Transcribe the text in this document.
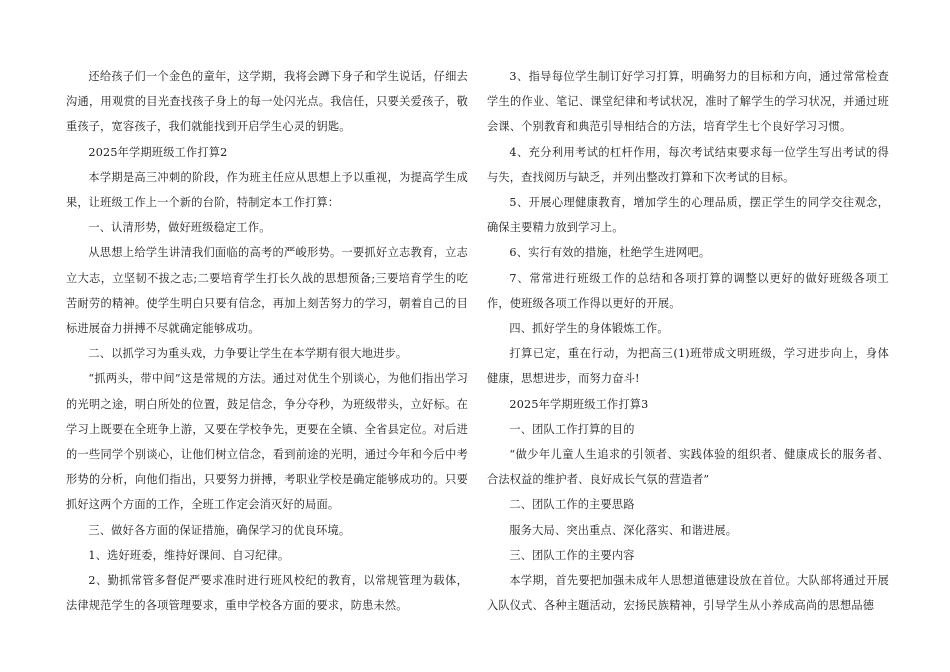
还给孩子们一个金色的童年，这学期，我将会蹲下身子和学生说话，仔细去沟通，用观赏的目光查找孩子身上的每一处闪光点。我信任，只要关爱孩子，敬重孩子，宽容孩子，我们就能找到开启学生心灵的钥匙。

2025年学期班级工作打算2

本学期是高三冲刺的阶段，作为班主任应从思想上予以重视，为提高学生成果，让班级工作上一个新的台阶，特制定本工作打算：

一、认清形势，做好班级稳定工作。

从思想上给学生讲清我们面临的高考的严峻形势。一要抓好立志教育，立志立大志，立坚韧不拔之志;二要培育学生打长久战的思想预备;三要培育学生的吃苦耐劳的精神。使学生明白只要有信念，再加上刻苦努力的学习，朝着自己的目标进展奋力拼搏不尽就确定能够成功。

二、以抓学习为重头戏，力争要让学生在本学期有很大地进步。

“抓两头，带中间”这是常规的方法。通过对优生个别谈心，为他们指出学习的光明之途，明白所处的位置，鼓足信念，争分夺秒，为班级带头，立好标。在学习上既要在全班争上游，又要在学校争先，更要在全镇、全省县定位。对后进的一些同学个别谈心，让他们树立信念，看到前途的光明，通过今年和今后中考形势的分析，向他们指出，只要努力拼搏，考职业学校是确定能够成功的。只要抓好这两个方面的工作，全班工作定会消灭好的局面。

三、做好各方面的保证措施，确保学习的优良环境。

1、选好班委，维持好课间、自习纪律。

2、勤抓常管多督促严要求准时进行班风校纪的教育，以常规管理为载体，法律规范学生的各项管理要求，重申学校各方面的要求，防患未然。

3、指导每位学生制订好学习打算，明确努力的目标和方向，通过常常检查学生的作业、笔记、课堂纪律和考试状况，准时了解学生的学习状况，并通过班会课、个别教育和典范引导相结合的方法，培育学生七个良好学习习惯。

4、充分利用考试的杠杆作用，每次考试结束要求每一位学生写出考试的得与失，查找阅历与缺乏，并列出整改打算和下次考试的目标。

5、开展心理健康教育，增加学生的心理品质，摆正学生的同学交往观念，确保主要精力放到学习上。

6、实行有效的措施，杜绝学生进网吧。

7、常常进行班级工作的总结和各项打算的调整以更好的做好班级各项工作，使班级各项工作得以更好的开展。

四、抓好学生的身体锻炼工作。

打算已定，重在行动，为把高三(1)班带成文明班级，学习进步向上，身体健康，思想进步，而努力奋斗!

2025年学期班级工作打算3

一、团队工作打算的目的

“做少年儿童人生追求的引领者、实践体验的组织者、健康成长的服务者、合法权益的维护者、良好成长气氛的营造者”

二、团队工作的主要思路

服务大局、突出重点、深化落实、和谐进展。

三、团队工作的主要内容

本学期，首先要把加强未成年人思想道德建设放在首位。大队部将通过开展入队仪式、各种主题活动，宏扬民族精神，引导学生从小养成高尚的思想品德
